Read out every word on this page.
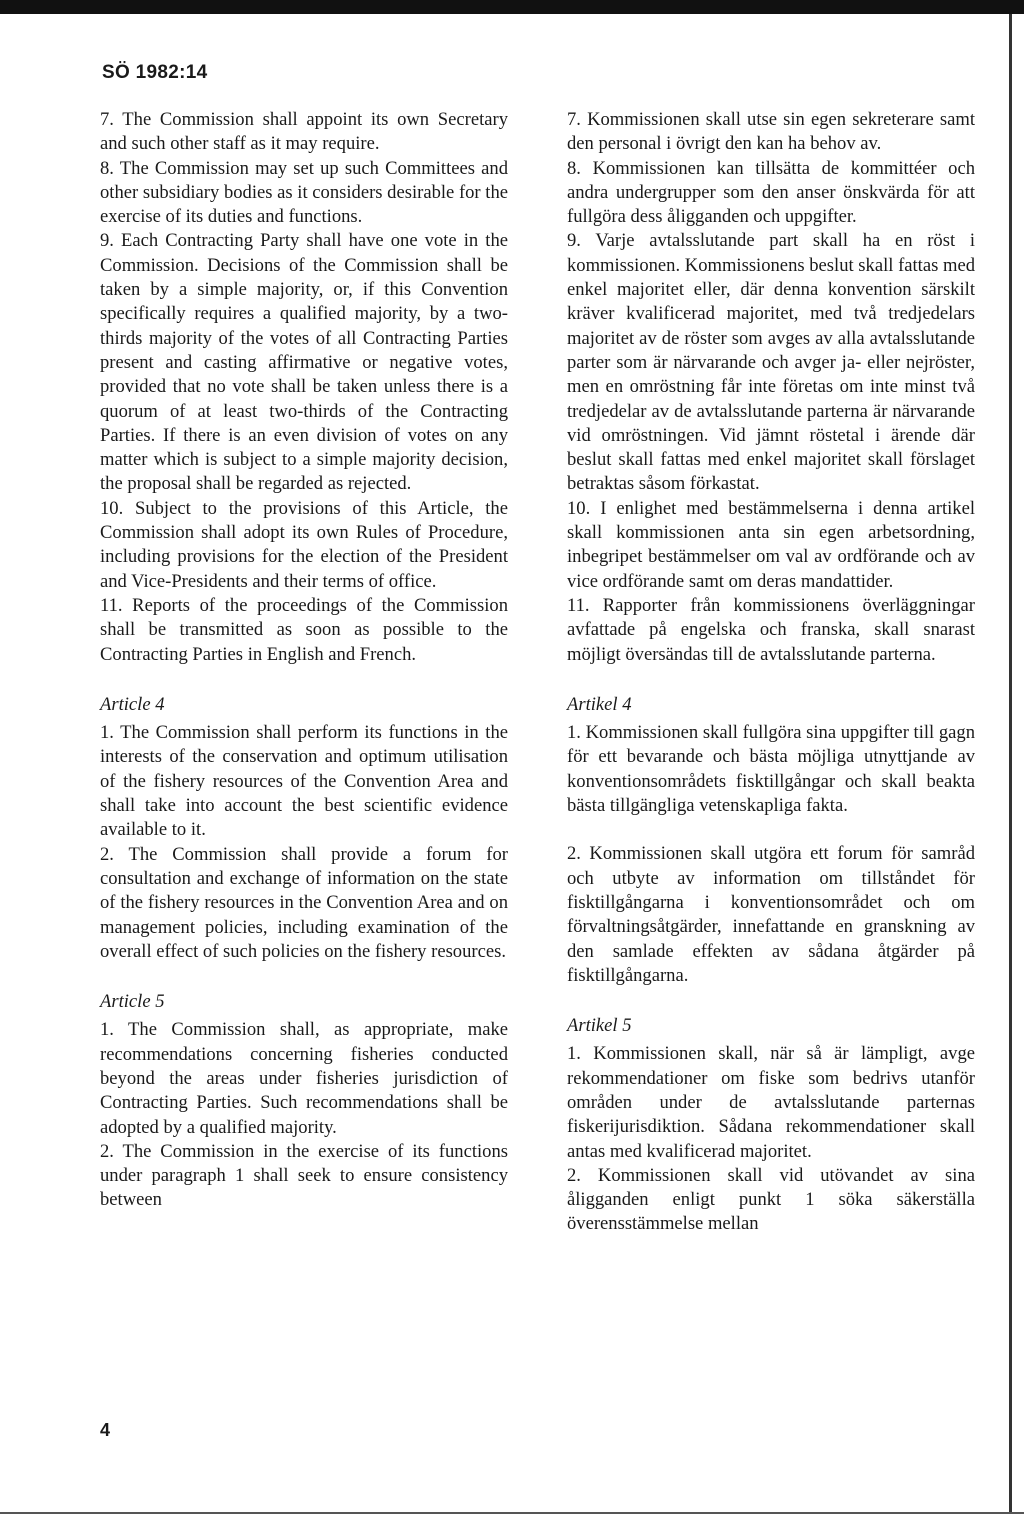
SÖ 1982:14

7. The Commission shall appoint its own Secretary and such other staff as it may require.

8. The Commission may set up such Committees and other subsidiary bodies as it considers desirable for the exercise of its duties and functions.

9. Each Contracting Party shall have one vote in the Commission. Decisions of the Commission shall be taken by a simple majority, or, if this Convention specifically requires a qualified majority, by a two-thirds majority of the votes of all Contracting Parties present and casting affirmative or negative votes, provided that no vote shall be taken unless there is a quorum of at least two-thirds of the Contracting Parties. If there is an even division of votes on any matter which is subject to a simple majority decision, the proposal shall be regarded as rejected.

10. Subject to the provisions of this Article, the Commission shall adopt its own Rules of Procedure, including provisions for the election of the President and Vice-Presidents and their terms of office.

11. Reports of the proceedings of the Commission shall be transmitted as soon as possible to the Contracting Parties in English and French.

Article 4

1. The Commission shall perform its functions in the interests of the conservation and optimum utilisation of the fishery resources of the Convention Area and shall take into account the best scientific evidence available to it.

2. The Commission shall provide a forum for consultation and exchange of information on the state of the fishery resources in the Convention Area and on management policies, including examination of the overall effect of such policies on the fishery resources.

Article 5

1. The Commission shall, as appropriate, make recommendations concerning fisheries conducted beyond the areas under fisheries jurisdiction of Contracting Parties. Such recommendations shall be adopted by a qualified majority.

2. The Commission in the exercise of its functions under paragraph 1 shall seek to ensure consistency between

7. Kommissionen skall utse sin egen sekreterare samt den personal i övrigt den kan ha behov av.

8. Kommissionen kan tillsätta de kommittéer och andra undergrupper som den anser önskvärda för att fullgöra dess åligganden och uppgifter.

9. Varje avtalsslutande part skall ha en röst i kommissionen. Kommissionens beslut skall fattas med enkel majoritet eller, där denna konvention särskilt kräver kvalificerad majoritet, med två tredjedelars majoritet av de röster som avges av alla avtalsslutande parter som är närvarande och avger ja- eller nejröster, men en omröstning får inte företas om inte minst två tredjedelar av de avtalsslutande parterna är närvarande vid omröstningen. Vid jämnt röstetal i ärende där beslut skall fattas med enkel majoritet skall förslaget betraktas såsom förkastat.

10. I enlighet med bestämmelserna i denna artikel skall kommissionen anta sin egen arbetsordning, inbegripet bestämmelser om val av ordförande och av vice ordförande samt om deras mandattider.

11. Rapporter från kommissionens överläggningar avfattade på engelska och franska, skall snarast möjligt översändas till de avtalsslutande parterna.

Artikel 4

1. Kommissionen skall fullgöra sina uppgifter till gagn för ett bevarande och bästa möjliga utnyttjande av konventionsområdets fisktillgångar och skall beakta bästa tillgängliga vetenskapliga fakta.

2. Kommissionen skall utgöra ett forum för samråd och utbyte av information om tillståndet för fisktillgångarna i konventionsområdet och om förvaltningsåtgärder, innefattande en granskning av den samlade effekten av sådana åtgärder på fisktillgångarna.

Artikel 5

1. Kommissionen skall, när så är lämpligt, avge rekommendationer om fiske som bedrivs utanför områden under de avtalsslutande parternas fiskerijurisdiktion. Sådana rekommendationer skall antas med kvalificerad majoritet.

2. Kommissionen skall vid utövandet av sina åligganden enligt punkt 1 söka säkerställa överensstämmelse mellan

4
